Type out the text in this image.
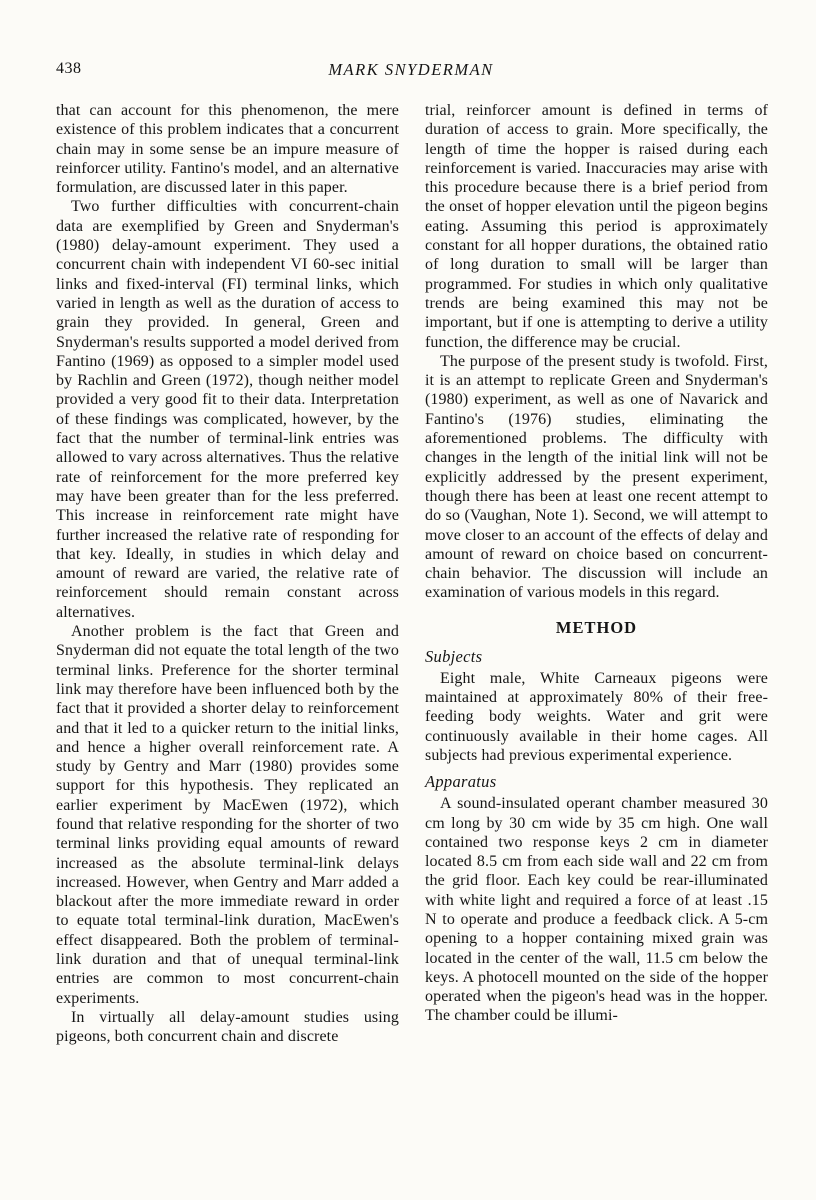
438	MARK SNYDERMAN

that can account for this phenomenon, the mere existence of this problem indicates that a concurrent chain may in some sense be an impure measure of reinforcer utility. Fantino's model, and an alternative formulation, are discussed later in this paper.

Two further difficulties with concurrent-chain data are exemplified by Green and Snyderman's (1980) delay-amount experiment. They used a concurrent chain with independent VI 60-sec initial links and fixed-interval (FI) terminal links, which varied in length as well as the duration of access to grain they provided. In general, Green and Snyderman's results supported a model derived from Fantino (1969) as opposed to a simpler model used by Rachlin and Green (1972), though neither model provided a very good fit to their data. Interpretation of these findings was complicated, however, by the fact that the number of terminal-link entries was allowed to vary across alternatives. Thus the relative rate of reinforcement for the more preferred key may have been greater than for the less preferred. This increase in reinforcement rate might have further increased the relative rate of responding for that key. Ideally, in studies in which delay and amount of reward are varied, the relative rate of reinforcement should remain constant across alternatives.

Another problem is the fact that Green and Snyderman did not equate the total length of the two terminal links. Preference for the shorter terminal link may therefore have been influenced both by the fact that it provided a shorter delay to reinforcement and that it led to a quicker return to the initial links, and hence a higher overall reinforcement rate. A study by Gentry and Marr (1980) provides some support for this hypothesis. They replicated an earlier experiment by MacEwen (1972), which found that relative responding for the shorter of two terminal links providing equal amounts of reward increased as the absolute terminal-link delays increased. However, when Gentry and Marr added a blackout after the more immediate reward in order to equate total terminal-link duration, MacEwen's effect disappeared. Both the problem of terminal-link duration and that of unequal terminal-link entries are common to most concurrent-chain experiments.

In virtually all delay-amount studies using pigeons, both concurrent chain and discrete

trial, reinforcer amount is defined in terms of duration of access to grain. More specifically, the length of time the hopper is raised during each reinforcement is varied. Inaccuracies may arise with this procedure because there is a brief period from the onset of hopper elevation until the pigeon begins eating. Assuming this period is approximately constant for all hopper durations, the obtained ratio of long duration to small will be larger than programmed. For studies in which only qualitative trends are being examined this may not be important, but if one is attempting to derive a utility function, the difference may be crucial.

The purpose of the present study is twofold. First, it is an attempt to replicate Green and Snyderman's (1980) experiment, as well as one of Navarick and Fantino's (1976) studies, eliminating the aforementioned problems. The difficulty with changes in the length of the initial link will not be explicitly addressed by the present experiment, though there has been at least one recent attempt to do so (Vaughan, Note 1). Second, we will attempt to move closer to an account of the effects of delay and amount of reward on choice based on concurrent-chain behavior. The discussion will include an examination of various models in this regard.

METHOD
Subjects

Eight male, White Carneaux pigeons were maintained at approximately 80% of their free-feeding body weights. Water and grit were continuously available in their home cages. All subjects had previous experimental experience.

Apparatus

A sound-insulated operant chamber measured 30 cm long by 30 cm wide by 35 cm high. One wall contained two response keys 2 cm in diameter located 8.5 cm from each side wall and 22 cm from the grid floor. Each key could be rear-illuminated with white light and required a force of at least .15 N to operate and produce a feedback click. A 5-cm opening to a hopper containing mixed grain was located in the center of the wall, 11.5 cm below the keys. A photocell mounted on the side of the hopper operated when the pigeon's head was in the hopper. The chamber could be illumi-
